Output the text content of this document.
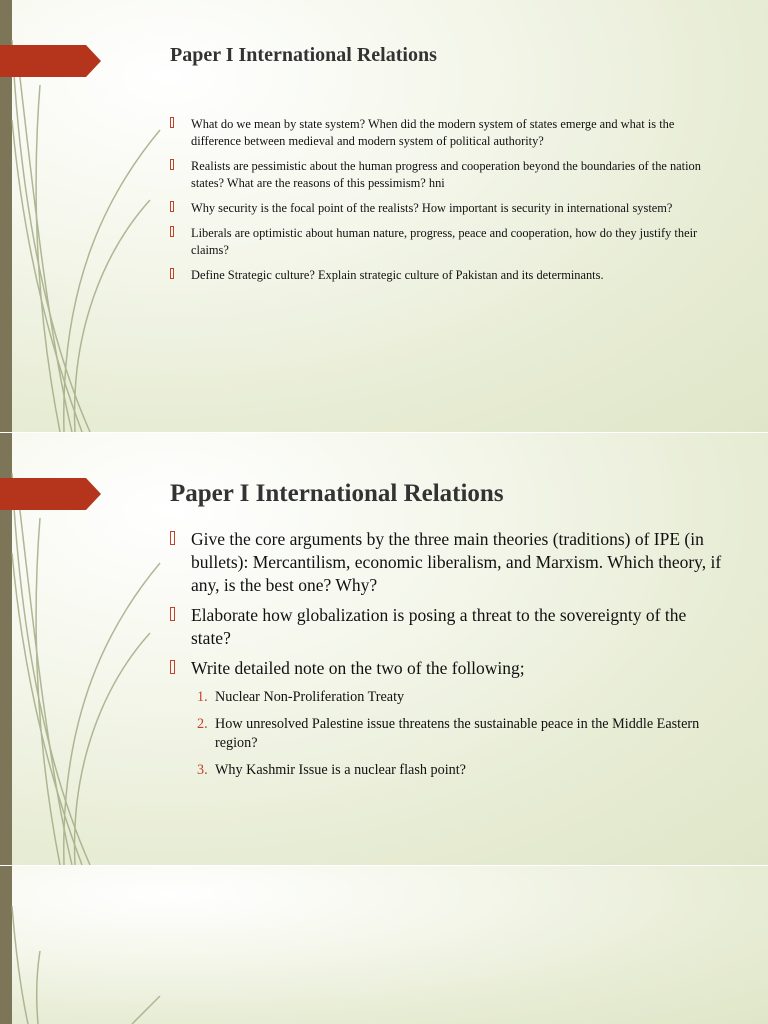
Paper I International Relations
What do we mean by state system? When did the modern system of states emerge and what is the difference between medieval and modern system of political authority?
Realists are pessimistic about the human progress and cooperation beyond the boundaries of the nation states? What are the reasons of this pessimism? hni
Why security is the focal point of the realists? How important is security in international system?
Liberals are optimistic about human nature, progress, peace and cooperation, how do they justify their claims?
Define Strategic culture? Explain strategic culture of Pakistan and its determinants.
Paper I International Relations
Give the core arguments by the three main theories (traditions) of IPE (in bullets): Mercantilism, economic liberalism, and Marxism. Which theory, if any, is the best one? Why?
Elaborate how globalization is posing a threat to the sovereignty of the state?
Write detailed note on the two of the following;
1. Nuclear Non-Proliferation Treaty
2. How unresolved Palestine issue threatens the sustainable peace in the Middle Eastern region?
3. Why Kashmir Issue is a nuclear flash point?
